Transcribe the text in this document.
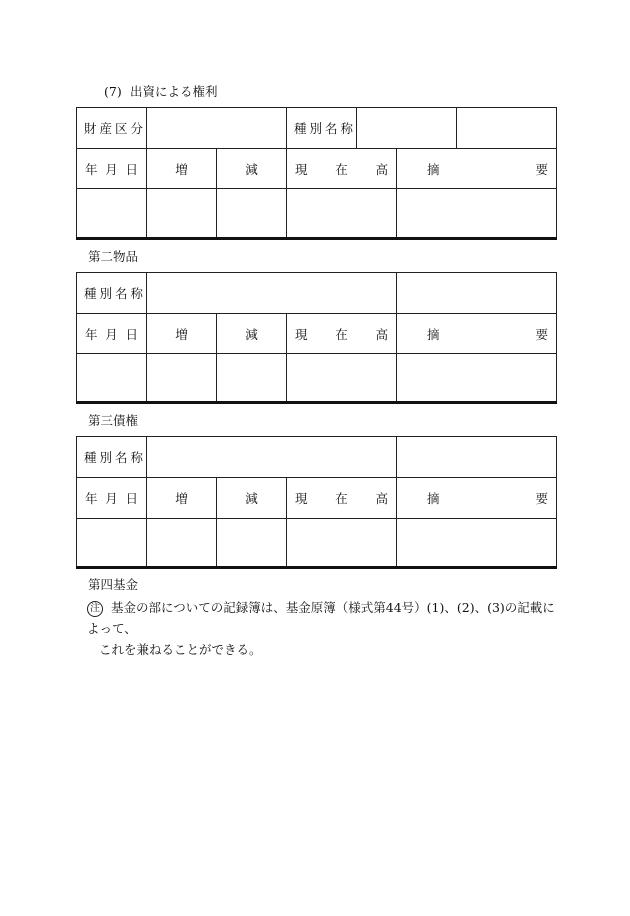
(7) 出資による権利
財産区分			種別名称			

年 月 日	増	減	現 在 高		摘 要	

第二物品
種別名称				

年 月 日	増	減	現 在 高	摘 要

第三債権
種別名称				

年 月 日	増	減	現 在 高	摘 要

第四基金
注 基金の部についての記録簿は、基金原簿（様式第44号）(1)、(2)、(3)の記載によって、
これを兼ねることができる。
